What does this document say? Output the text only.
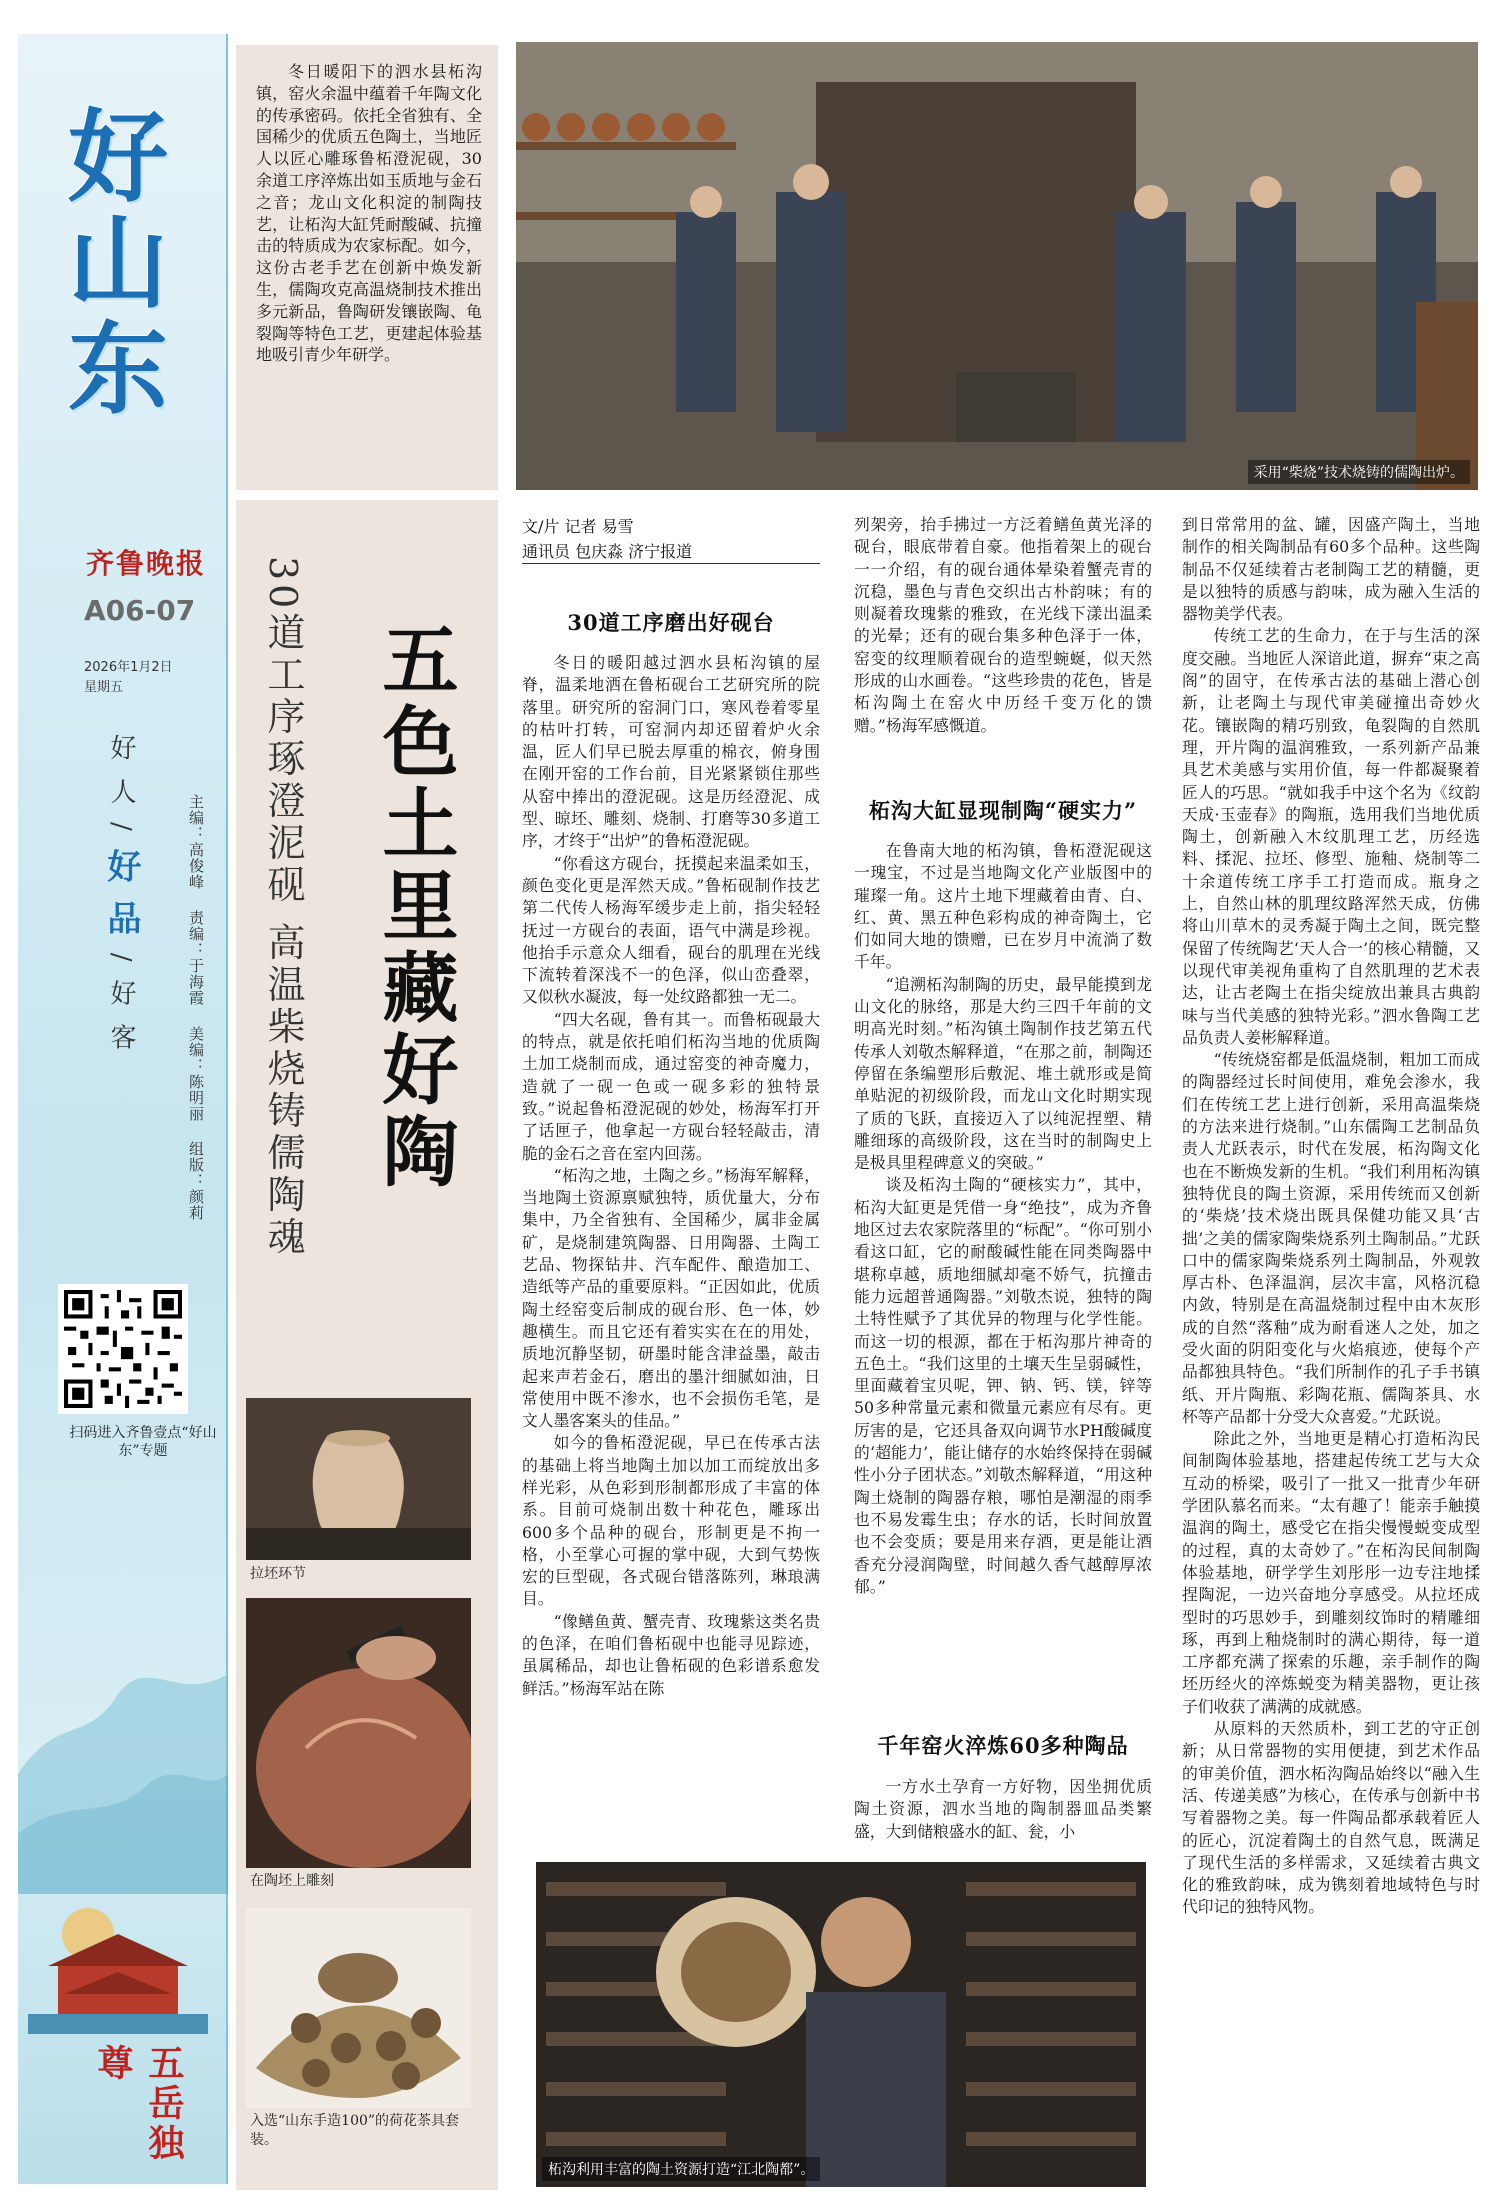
好山东
齐鲁晚报
A06-07
2026年1月2日
星期五
好人/好品/好客
主编：高俊峰 责编：于海霞 美编：陈明丽 组版：颜莉
扫码进入齐鲁壹点“好山东”专题
五岳独尊

冬日暖阳下的泗水县柘沟镇，窑火余温中蕴着千年陶文化的传承密码。依托全省独有、全国稀少的优质五色陶土，当地匠人以匠心雕琢鲁柘澄泥砚，30余道工序淬炼出如玉质地与金石之音；龙山文化积淀的制陶技艺，让柘沟大缸凭耐酸碱、抗撞击的特质成为农家标配。如今，这份古老手艺在创新中焕发新生，儒陶攻克高温烧制技术推出多元新品，鲁陶研发镶嵌陶、龟裂陶等特色工艺，更建起体验基地吸引青少年研学。

采用“柴烧”技术烧铸的儒陶出炉。
30道工序琢澄泥砚 高温柴烧铸儒陶魂 五色土里藏好陶
拉坯环节
在陶坯上雕刻
入选“山东手造100”的荷花茶具套装。
文/片 记者 易雪
通讯员 包庆淼 济宁报道
30道工序磨出好砚台

冬日的暖阳越过泗水县柘沟镇的屋脊，温柔地洒在鲁柘砚台工艺研究所的院落里。研究所的窑洞门口，寒风卷着零星的枯叶打转，可窑洞内却还留着炉火余温，匠人们早已脱去厚重的棉衣，俯身围在刚开窑的工作台前，目光紧紧锁住那些从窑中捧出的澄泥砚。这是历经澄泥、成型、晾坯、雕刻、烧制、打磨等30多道工序，才终于“出炉”的鲁柘澄泥砚。

“你看这方砚台，抚摸起来温柔如玉，颜色变化更是浑然天成。”鲁柘砚制作技艺第二代传人杨海军缓步走上前，指尖轻轻抚过一方砚台的表面，语气中满是珍视。他抬手示意众人细看，砚台的肌理在光线下流转着深浅不一的色泽，似山峦叠翠，又似秋水凝波，每一处纹路都独一无二。

“四大名砚，鲁有其一。而鲁柘砚最大的特点，就是依托咱们柘沟当地的优质陶土加工烧制而成，通过窑变的神奇魔力，造就了一砚一色或一砚多彩的独特景致。”说起鲁柘澄泥砚的妙处，杨海军打开了话匣子，他拿起一方砚台轻轻敲击，清脆的金石之音在室内回荡。

“柘沟之地，土陶之乡。”杨海军解释，当地陶土资源禀赋独特，质优量大，分布集中，乃全省独有、全国稀少，属非金属矿，是烧制建筑陶器、日用陶器、土陶工艺品、物探钻井、汽车配件、酿造加工、造纸等产品的重要原料。“正因如此，优质陶土经窑变后制成的砚台形、色一体，妙趣横生。而且它还有着实实在在的用处，质地沉静坚韧，研墨时能含津益墨，敲击起来声若金石，磨出的墨汁细腻如油，日常使用中既不渗水，也不会损伤毛笔，是文人墨客案头的佳品。”

如今的鲁柘澄泥砚，早已在传承古法的基础上将当地陶土加以加工而绽放出多样光彩，从色彩到形制都形成了丰富的体系。目前可烧制出数十种花色，雕琢出600多个品种的砚台，形制更是不拘一格，小至掌心可握的掌中砚，大到气势恢宏的巨型砚，各式砚台错落陈列，琳琅满目。

“像鳝鱼黄、蟹壳青、玫瑰紫这类名贵的色泽，在咱们鲁柘砚中也能寻见踪迹，虽属稀品，却也让鲁柘砚的色彩谱系愈发鲜活。”杨海军站在陈

列架旁，抬手拂过一方泛着鳝鱼黄光泽的砚台，眼底带着自豪。他指着架上的砚台一一介绍，有的砚台通体晕染着蟹壳青的沉稳，墨色与青色交织出古朴韵味；有的则凝着玫瑰紫的雅致，在光线下漾出温柔的光晕；还有的砚台集多种色泽于一体，窑变的纹理顺着砚台的造型蜿蜒，似天然形成的山水画卷。“这些珍贵的花色，皆是柘沟陶土在窑火中历经千变万化的馈赠。”杨海军感慨道。

柘沟大缸显现制陶“硬实力”

在鲁南大地的柘沟镇，鲁柘澄泥砚这一瑰宝，不过是当地陶文化产业版图中的璀璨一角。这片土地下埋藏着由青、白、红、黄、黑五种色彩构成的神奇陶土，它们如同大地的馈赠，已在岁月中流淌了数千年。

“追溯柘沟制陶的历史，最早能摸到龙山文化的脉络，那是大约三四千年前的文明高光时刻。”柘沟镇土陶制作技艺第五代传承人刘敬杰解释道，“在那之前，制陶还停留在条编塑形后敷泥、堆土就形或是简单贴泥的初级阶段，而龙山文化时期实现了质的飞跃，直接迈入了以纯泥捏塑、精雕细琢的高级阶段，这在当时的制陶史上是极具里程碑意义的突破。”

谈及柘沟土陶的“硬核实力”，其中，柘沟大缸更是凭借一身“绝技”，成为齐鲁地区过去农家院落里的“标配”。“你可别小看这口缸，它的耐酸碱性能在同类陶器中堪称卓越，质地细腻却毫不娇气，抗撞击能力远超普通陶器。”刘敬杰说，独特的陶土特性赋予了其优异的物理与化学性能。而这一切的根源，都在于柘沟那片神奇的五色土。“我们这里的土壤天生呈弱碱性，里面藏着宝贝呢，钾、钠、钙、镁，锌等50多种常量元素和微量元素应有尽有。更厉害的是，它还具备双向调节水PH酸碱度的‘超能力’，能让储存的水始终保持在弱碱性小分子团状态。”刘敬杰解释道，“用这种陶土烧制的陶器存粮，哪怕是潮湿的雨季也不易发霉生虫；存水的话，长时间放置也不会变质；要是用来存酒，更是能让酒香充分浸润陶壁，时间越久香气越醇厚浓郁。”

千年窑火淬炼60多种陶品

一方水土孕育一方好物，因坐拥优质陶土资源，泗水当地的陶制器皿品类繁盛，大到储粮盛水的缸、瓮，小

柘沟利用丰富的陶土资源打造“江北陶都”。

到日常常用的盆、罐，因盛产陶土，当地制作的相关陶制品有60多个品种。这些陶制品不仅延续着古老制陶工艺的精髓，更是以独特的质感与韵味，成为融入生活的器物美学代表。

传统工艺的生命力，在于与生活的深度交融。当地匠人深谙此道，摒弃“束之高阁”的固守，在传承古法的基础上潜心创新，让老陶土与现代审美碰撞出奇妙火花。镶嵌陶的精巧别致，龟裂陶的自然肌理，开片陶的温润雅致，一系列新产品兼具艺术美感与实用价值，每一件都凝聚着匠人的巧思。“就如我手中这个名为《纹韵天成·玉壶春》的陶瓶，选用我们当地优质陶土，创新融入木纹肌理工艺，历经选料、揉泥、拉坯、修型、施釉、烧制等二十余道传统工序手工打造而成。瓶身之上，自然山林的肌理纹路浑然天成，仿佛将山川草木的灵秀凝于陶土之间，既完整保留了传统陶艺‘天人合一’的核心精髓，又以现代审美视角重构了自然肌理的艺术表达，让古老陶土在指尖绽放出兼具古典韵味与当代美感的独特光彩。”泗水鲁陶工艺品负责人姜彬解释道。

“传统烧窑都是低温烧制，粗加工而成的陶器经过长时间使用，难免会渗水，我们在传统工艺上进行创新，采用高温柴烧的方法来进行烧制。”山东儒陶工艺制品负责人尤跃表示，时代在发展，柘沟陶文化也在不断焕发新的生机。“我们利用柘沟镇独特优良的陶土资源，采用传统而又创新的‘柴烧’技术烧出既具保健功能又具‘古拙’之美的儒家陶柴烧系列土陶制品。”尤跃口中的儒家陶柴烧系列土陶制品，外观敦厚古朴、色泽温润，层次丰富，风格沉稳内敛，特别是在高温烧制过程中由木灰形成的自然“落釉”成为耐看迷人之处，加之受火面的阴阳变化与火焰痕迹，使每个产品都独具特色。“我们所制作的孔子手书镇纸、开片陶瓶、彩陶花瓶、儒陶茶具、水杯等产品都十分受大众喜爱。”尤跃说。

除此之外，当地更是精心打造柘沟民间制陶体验基地，搭建起传统工艺与大众互动的桥梁，吸引了一批又一批青少年研学团队慕名而来。“太有趣了！能亲手触摸温润的陶土，感受它在指尖慢慢蜕变成型的过程，真的太奇妙了。”在柘沟民间制陶体验基地，研学学生刘彤彤一边专注地揉捏陶泥，一边兴奋地分享感受。从拉坯成型时的巧思妙手，到雕刻纹饰时的精雕细琢，再到上釉烧制时的满心期待，每一道工序都充满了探索的乐趣，亲手制作的陶坯历经火的淬炼蜕变为精美器物，更让孩子们收获了满满的成就感。

从原料的天然质朴，到工艺的守正创新；从日常器物的实用便捷，到艺术作品的审美价值，泗水柘沟陶品始终以“融入生活、传递美感”为核心，在传承与创新中书写着器物之美。每一件陶品都承载着匠人的匠心，沉淀着陶土的自然气息，既满足了现代生活的多样需求，又延续着古典文化的雅致韵味，成为镌刻着地域特色与时代印记的独特风物。
